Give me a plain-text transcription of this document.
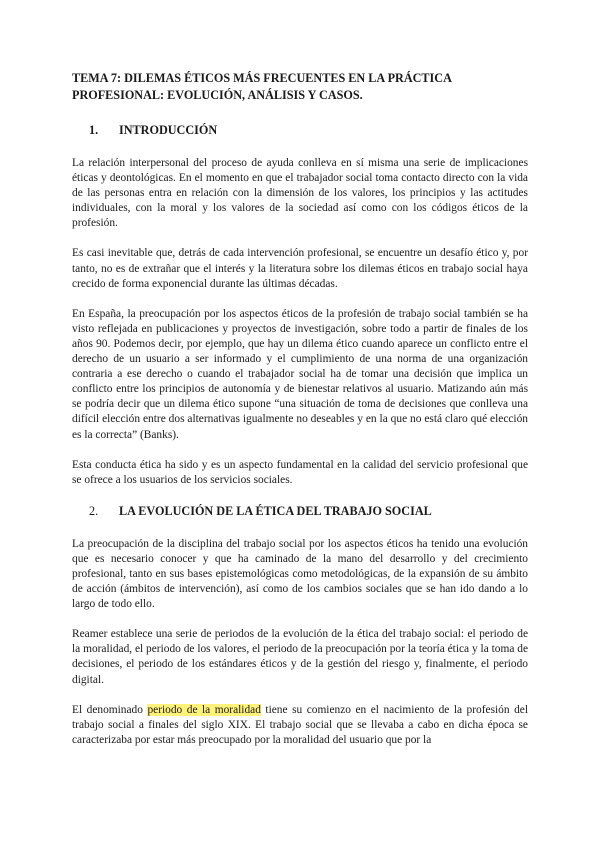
TEMA 7: DILEMAS ÉTICOS MÁS FRECUENTES EN LA PRÁCTICA PROFESIONAL: EVOLUCIÓN, ANÁLISIS Y CASOS.
1.	INTRODUCCIÓN

La relación interpersonal del proceso de ayuda conlleva en sí misma una serie de implicaciones éticas y deontológicas. En el momento en que el trabajador social toma contacto directo con la vida de las personas entra en relación con la dimensión de los valores, los principios y las actitudes individuales, con la moral y los valores de la sociedad así como con los códigos éticos de la profesión.

Es casi inevitable que, detrás de cada intervención profesional, se encuentre un desafío ético y, por tanto, no es de extrañar que el interés y la literatura sobre los dilemas éticos en trabajo social haya crecido de forma exponencial durante las últimas décadas.

En España, la preocupación por los aspectos éticos de la profesión de trabajo social también se ha visto reflejada en publicaciones y proyectos de investigación, sobre todo a partir de finales de los años 90. Podemos decir, por ejemplo, que hay un dilema ético cuando aparece un conflicto entre el derecho de un usuario a ser informado y el cumplimiento de una norma de una organización contraria a ese derecho o cuando el trabajador social ha de tomar una decisión que implica un conflicto entre los principios de autonomía y de bienestar relativos al usuario. Matizando aún más se podría decir que un dilema ético supone “una situación de toma de decisiones que conlleva una difícil elección entre dos alternativas igualmente no deseables y en la que no está claro qué elección es la correcta” (Banks).

Esta conducta ética ha sido y es un aspecto fundamental en la calidad del servicio profesional que se ofrece a los usuarios de los servicios sociales.

2.	LA EVOLUCIÓN DE LA ÉTICA DEL TRABAJO SOCIAL

La preocupación de la disciplina del trabajo social por los aspectos éticos ha tenido una evolución que es necesario conocer y que ha caminado de la mano del desarrollo y del crecimiento profesional, tanto en sus bases epistemológicas como metodológicas, de la expansión de su ámbito de acción (ámbitos de intervención), así como de los cambios sociales que se han ido dando a lo largo de todo ello.

Reamer establece una serie de periodos de la evolución de la ética del trabajo social: el periodo de la moralidad, el periodo de los valores, el periodo de la preocupación por la teoría ética y la toma de decisiones, el periodo de los estándares éticos y de la gestión del riesgo y, finalmente, el periodo digital.

El denominado periodo de la moralidad tiene su comienzo en el nacimiento de la profesión del trabajo social a finales del siglo XIX. El trabajo social que se llevaba a cabo en dicha época se caracterizaba por estar más preocupado por la moralidad del usuario que por la
